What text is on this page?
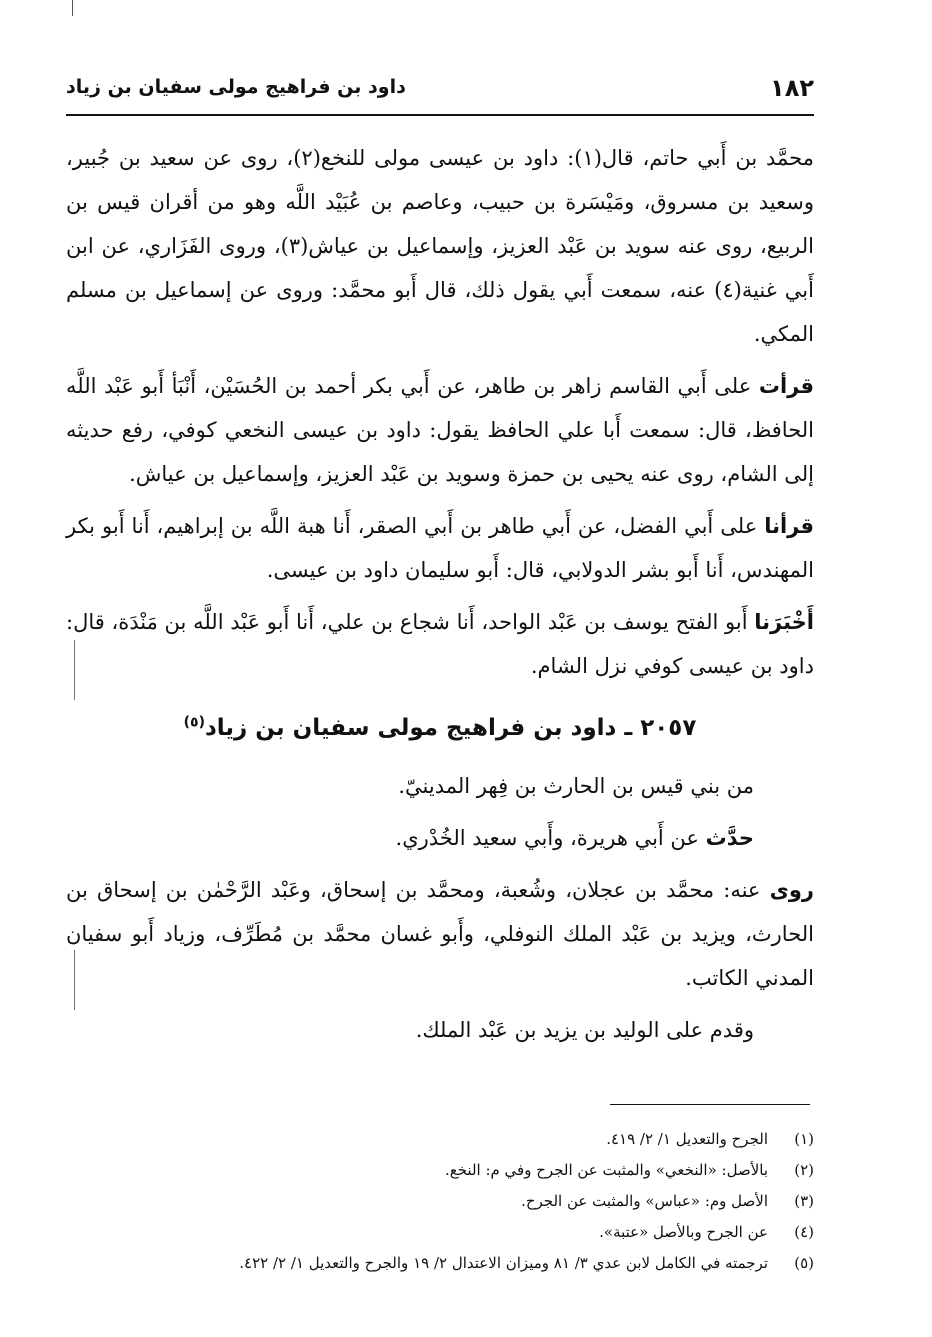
١٨٢
داود بن فراهيج مولى سفيان بن زياد

محمَّد بن أَبي حاتم، قال(١): داود بن عيسى مولى للنخع(٢)، روى عن سعيد بن جُبير، وسعيد بن مسروق، ومَيْسَرة بن حبيب، وعاصم بن عُبَيْد اللَّه وهو من أقران قيس بن الربيع، روى عنه سويد بن عَبْد العزيز، وإسماعيل بن عياش(٣)، وروى الفَزَاري، عن ابن أَبي غنية(٤) عنه، سمعت أَبي يقول ذلك، قال أَبو محمَّد: وروى عن إسماعيل بن مسلم المكي.

قرأت على أَبي القاسم زاهر بن طاهر، عن أَبي بكر أحمد بن الحُسَيْن، أَنْبَأ أَبو عَبْد اللَّه الحافظ، قال: سمعت أَبا علي الحافظ يقول: داود بن عيسى النخعي كوفي، رفع حديثه إلى الشام، روى عنه يحيى بن حمزة وسويد بن عَبْد العزيز، وإسماعيل بن عياش.

قرأنا على أَبي الفضل، عن أَبي طاهر بن أَبي الصقر، أَنا هبة اللَّه بن إبراهيم، أَنا أَبو بكر المهندس، أَنا أَبو بشر الدولابي، قال: أَبو سليمان داود بن عيسى.

أَخْبَرَنا أَبو الفتح يوسف بن عَبْد الواحد، أَنا شجاع بن علي، أَنا أَبو عَبْد اللَّه بن مَنْدَة، قال: داود بن عيسى كوفي نزل الشام.

٢٠٥٧ ـ داود بن فراهيج مولى سفيان بن زياد$^{(٥)}$

من بني قيس بن الحارث بن فِهر المدينيّ.

حدَّث عن أَبي هريرة، وأَبي سعيد الخُدْري.

روى عنه: محمَّد بن عجلان، وشُعبة، ومحمَّد بن إسحاق، وعَبْد الرَّحْمٰن بن إسحاق بن الحارث، ويزيد بن عَبْد الملك النوفلي، وأَبو غسان محمَّد بن مُطَرِّف، وزياد أَبو سفيان المدني الكاتب.

وقدم على الوليد بن يزيد بن عَبْد الملك.

(١)الجرح والتعديل ١/ ٢/ ٤١٩.
(٢)بالأصل: «النخعي» والمثبت عن الجرح وفي م: النخع.
(٣)الأصل وم: «عباس» والمثبت عن الجرح.
(٤)عن الجرح وبالأصل «عتبة».
(٥)ترجمته في الكامل لابن عدي ٣/ ٨١ وميزان الاعتدال ٢/ ١٩ والجرح والتعديل ١/ ٢/ ٤٢٢.
